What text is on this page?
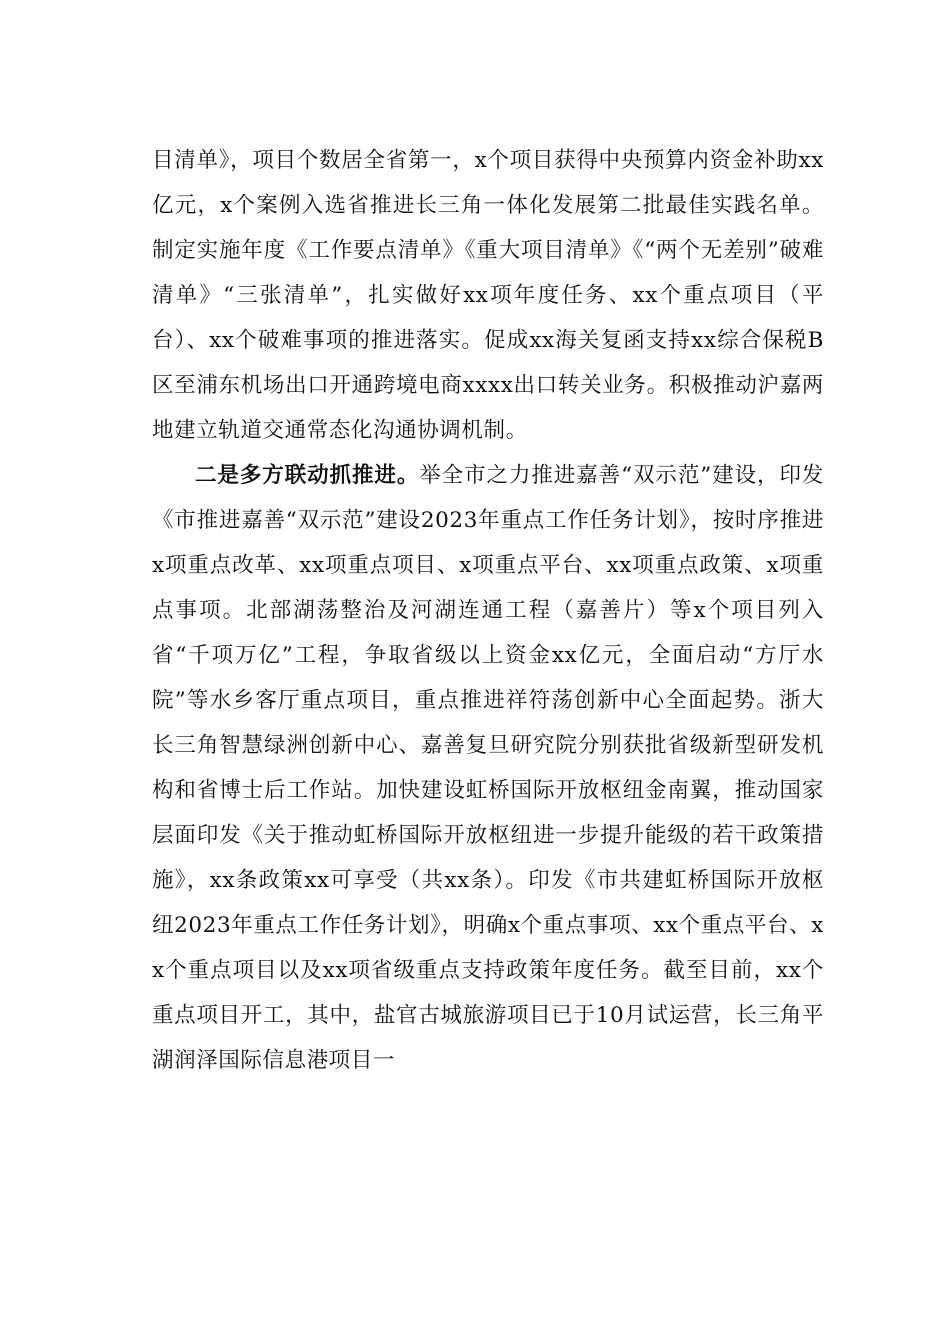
目清单》，项目个数居全省第一，x个项目获得中央预算内资金补助xx亿元，x个案例入选省推进长三角一体化发展第二批最佳实践名单。制定实施年度《工作要点清单》《重大项目清单》《“两个无差别”破难清单》“三张清单”，扎实做好xx项年度任务、xx个重点项目（平台）、xx个破难事项的推进落实。促成xx海关复函支持xx综合保税B区至浦东机场出口开通跨境电商xxxx出口转关业务。积极推动沪嘉两地建立轨道交通常态化沟通协调机制。

二是多方联动抓推进。举全市之力推进嘉善“双示范”建设，印发《市推进嘉善“双示范”建设2023年重点工作任务计划》，按时序推进x项重点改革、xx项重点项目、x项重点平台、xx项重点政策、x项重点事项。北部湖荡整治及河湖连通工程（嘉善片）等x个项目列入省“千项万亿”工程，争取省级以上资金xx亿元，全面启动“方厅水院”等水乡客厅重点项目，重点推进祥符荡创新中心全面起势。浙大长三角智慧绿洲创新中心、嘉善复旦研究院分别获批省级新型研发机构和省博士后工作站。加快建设虹桥国际开放枢纽金南翼，推动国家层面印发《关于推动虹桥国际开放枢纽进一步提升能级的若干政策措施》，xx条政策xx可享受（共xx条）。印发《市共建虹桥国际开放枢纽2023年重点工作任务计划》，明确x个重点事项、xx个重点平台、xx个重点项目以及xx项省级重点支持政策年度任务。截至目前，xx个重点项目开工，其中，盐官古城旅游项目已于10月试运营，长三角平湖润泽国际信息港项目一
